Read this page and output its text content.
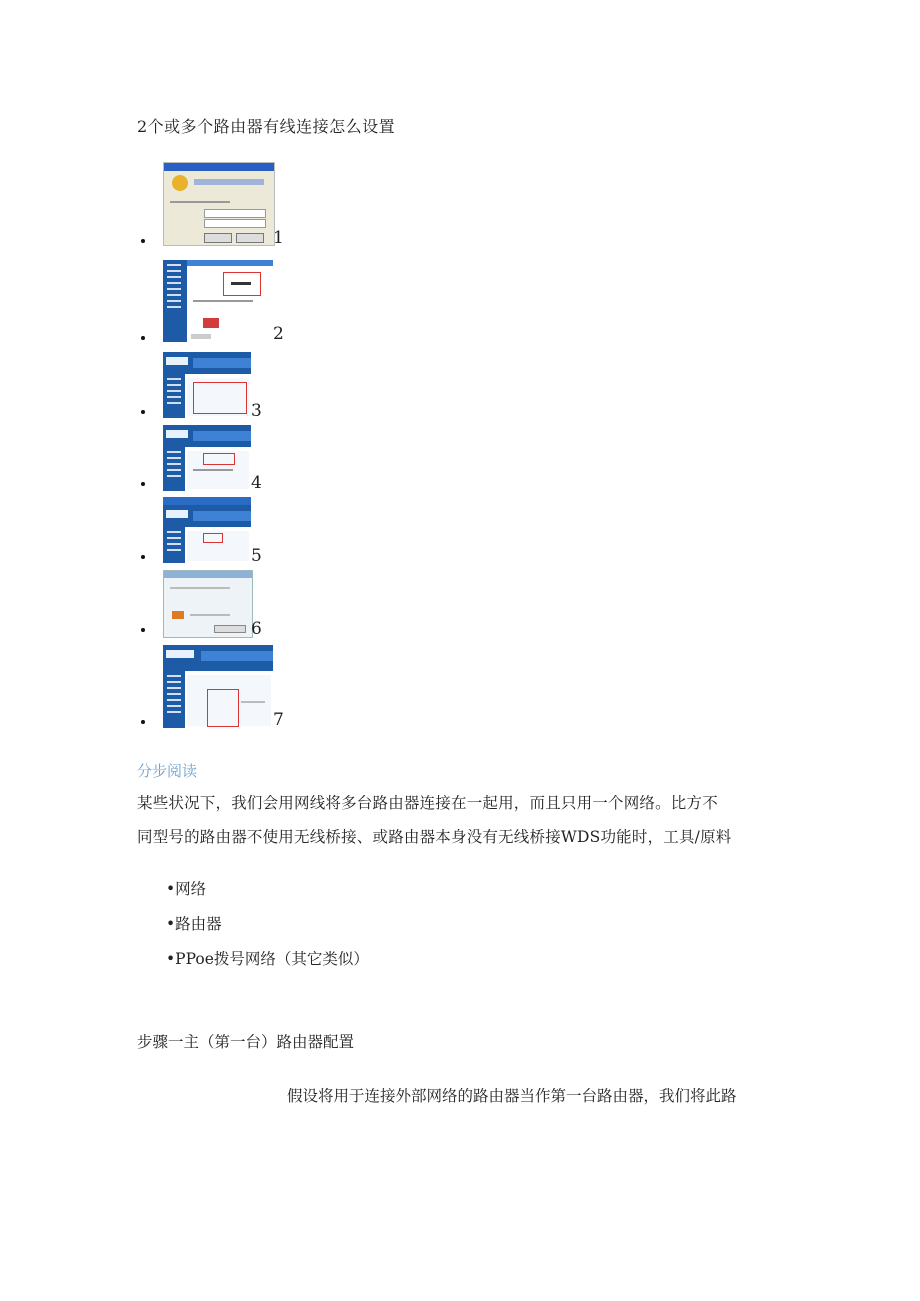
2个或多个路由器有线连接怎么设置
1
2
3
4
5
6
7
分步阅读
某些状况下，我们会用网线将多台路由器连接在一起用，而且只用一个网络。比方不
同型号的路由器不使用无线桥接、或路由器本身没有无线桥接WDS功能时，工具/原料
•网络
•路由器
•PPoe拨号网络（其它类似）
步骤一主（第一台）路由器配置
假设将用于连接外部网络的路由器当作第一台路由器，我们将此路
